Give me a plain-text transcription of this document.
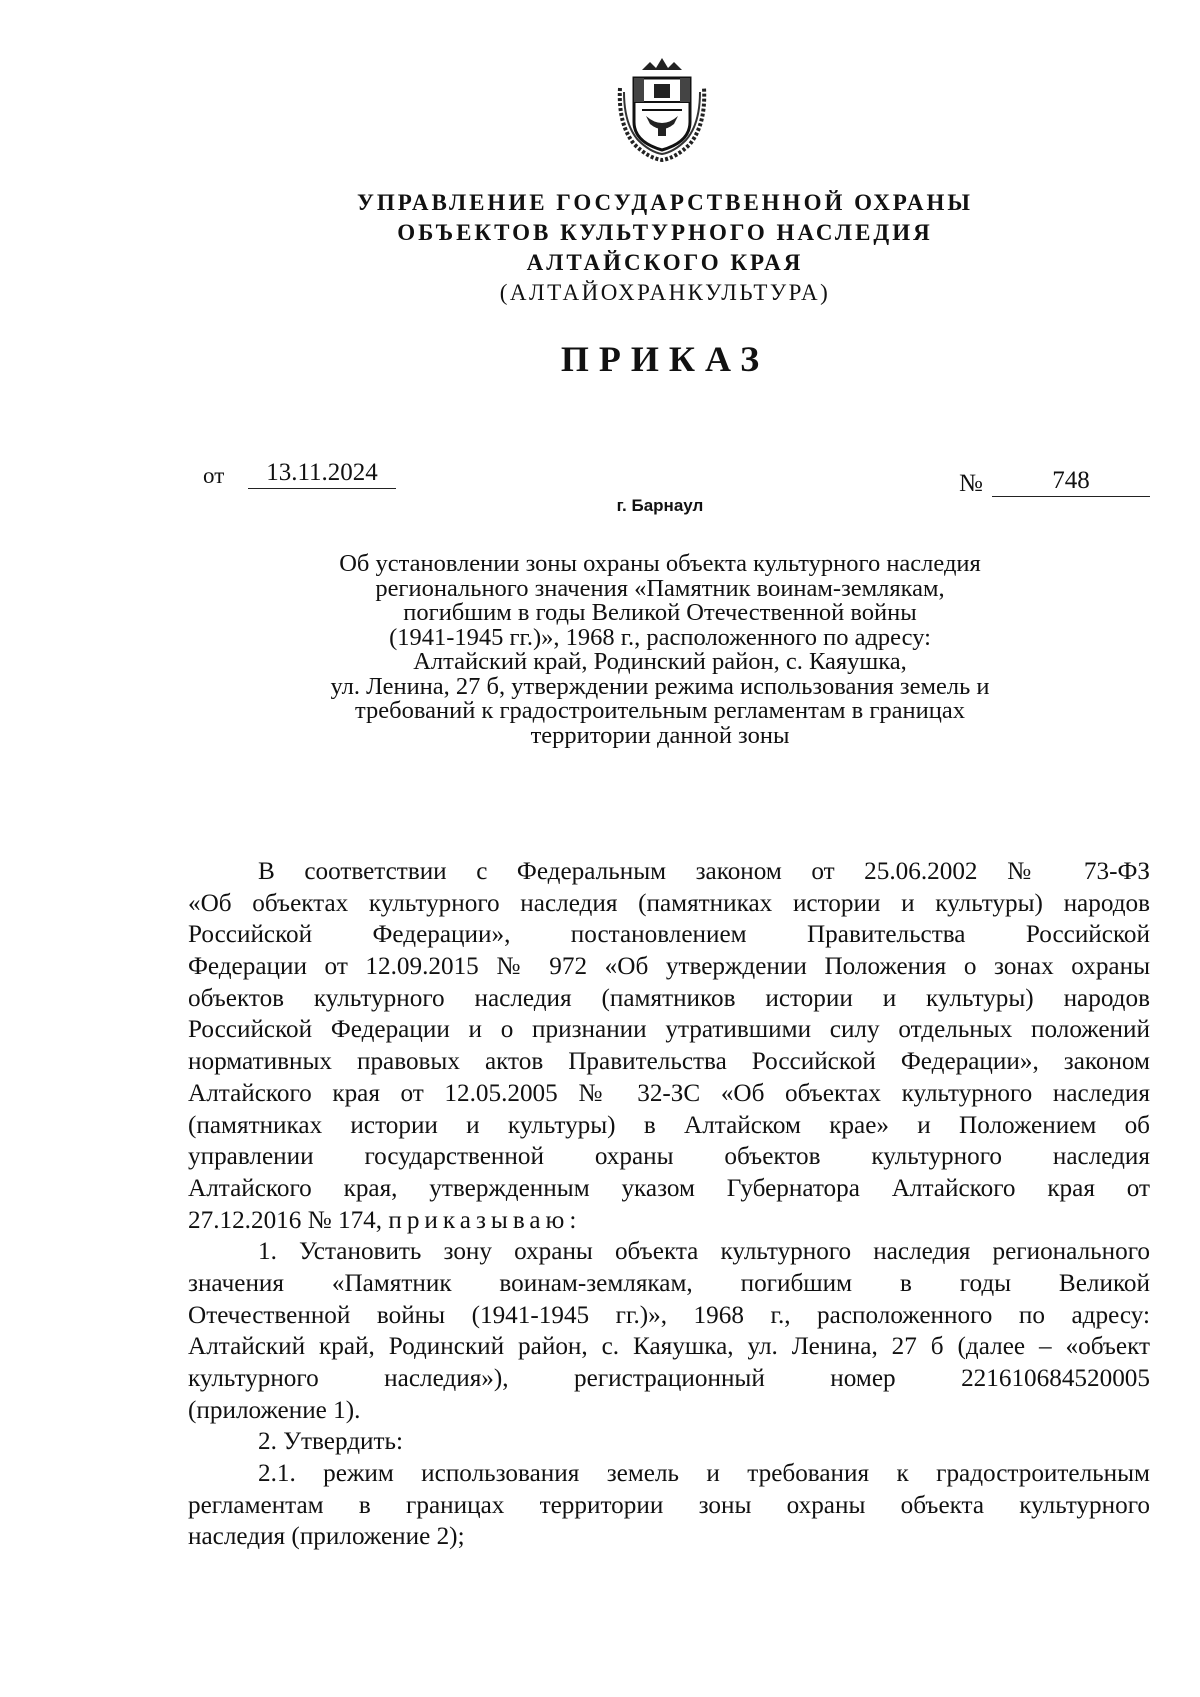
УПРАВЛЕНИЕ ГОСУДАРСТВЕННОЙ ОХРАНЫ
ОБЪЕКТОВ КУЛЬТУРНОГО НАСЛЕДИЯ
АЛТАЙСКОГО КРАЯ
(АЛТАЙОХРАНКУЛЬТУРА)
ПРИКАЗ
от	13.11.2024	№	748
г. Барнаул
Об установлении зоны охраны объекта культурного наследия
регионального значения «Памятник воинам-землякам,
погибшим в годы Великой Отечественной войны
(1941-1945 гг.)», 1968 г., расположенного по адресу:
Алтайский край, Родинский район, с. Каяушка,
ул. Ленина, 27 б, утверждении режима использования земель и
требований к градостроительным регламентам в границах
территории данной зоны
В соответствии с Федеральным законом от 25.06.2002 № 73-ФЗ
«Об объектах культурного наследия (памятниках истории и культуры) народов
Российской Федерации», постановлением Правительства Российской
Федерации от 12.09.2015 № 972 «Об утверждении Положения о зонах охраны
объектов культурного наследия (памятников истории и культуры) народов
Российской Федерации и о признании утратившими силу отдельных положений
нормативных правовых актов Правительства Российской Федерации», законом
Алтайского края от 12.05.2005 № 32-ЗС «Об объектах культурного наследия
(памятниках истории и культуры) в Алтайском крае» и Положением об
управлении государственной охраны объектов культурного наследия
Алтайского края, утвержденным указом Губернатора Алтайского края от
27.12.2016 № 174, приказываю:
1. Установить зону охраны объекта культурного наследия регионального
значения «Памятник воинам-землякам, погибшим в годы Великой
Отечественной войны (1941-1945 гг.)», 1968 г., расположенного по адресу:
Алтайский край, Родинский район, с. Каяушка, ул. Ленина, 27 б (далее – «объект
культурного наследия»), регистрационный номер 221610684520005
(приложение 1).
2. Утвердить:
2.1. режим использования земель и требования к градостроительным
регламентам в границах территории зоны охраны объекта культурного
наследия (приложение 2);
